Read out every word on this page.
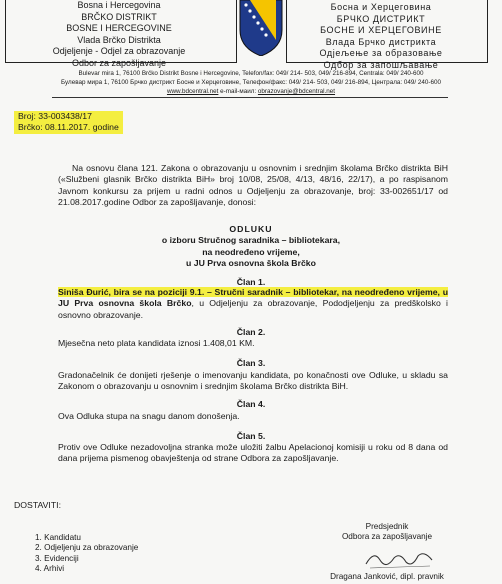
Bosna i Hercegovina
BRČKO DISTRIKT
BOSNE I HERCEGOVINE
Vlada Brčko Distrikta
Odjeljenje - Odjel za obrazovanje
Odbor za zapošljavanje
Босна и Херцеговина
БРЧКО ДИСТРИКТ
БОСНЕ И ХЕРЦЕГОВИНЕ
Влада Брчко дистрикта
Одјељење за образовање
Одбор за запошљавање
Bulevar mira 1, 76100 Brčko Distrikt Bosne i Hercegovine, Telefon/fax: 049/ 214- 503, 049/ 216-894, Centrala: 049/ 240-600
Булевар мира 1, 76100 Брчко дистрикт Босне и Херцеговине, Телефон/факс: 049/ 214- 503, 049/ 216-894, Централа: 049/ 240-600
www.bdcentral.net e-mail-маил: obrazovanje@bdcentral.net
Broj: 33-003438/17
Brčko: 08.11.2017. godine
Na osnovu člana 121. Zakona o obrazovanju u osnovnim i srednjim školama Brčko distrikta BiH («Službeni glasnik Brčko distrikta BiH» broj 10/08, 25/08, 4/13, 48/16, 22/17), a po raspisanom Javnom konkursu za prijem u radni odnos u Odjeljenju za obrazovanje, broj: 33-002651/17 od 21.08.2017.godine Odbor za zapošljavanje, donosi:
ODLUKU
o izboru Stručnog saradnika – bibliotekara,
na neodređeno vrijeme,
u JU Prva osnovna škola Brčko
Član 1.
Siniša Đurić, bira se na poziciji 9.1. – Stručni saradnik – bibliotekar, na neodređeno vrijeme, u JU Prva osnovna škola Brčko, u Odjeljenju za obrazovanje, Pododjeljenju za predškolsko i osnovno obrazovanje.
Član 2.
Mjesečna neto plata kandidata iznosi 1.408,01 KM.
Član 3.
Gradonačelnik će donijeti rješenje o imenovanju kandidata, po konačnosti ove Odluke, u skladu sa Zakonom o obrazovanju u osnovnim i srednjim školama Brčko distrikta BiH.
Član 4.
Ova Odluka stupa na snagu danom donošenja.
Član 5.
Protiv ove Odluke nezadovoljna stranka može uložiti žalbu Apelacionoj komisiji u roku od 8 dana od dana prijema pismenog obavještenja od strane Odbora za zapošljavanje.
DOSTAVITI:
1. Kandidatu
2. Odjeljenju za obrazovanje
3. Evidenciji
4. Arhivi
Predsjednik
Odbora za zapošljavanje
Dragana Janković, dipl. pravnik
